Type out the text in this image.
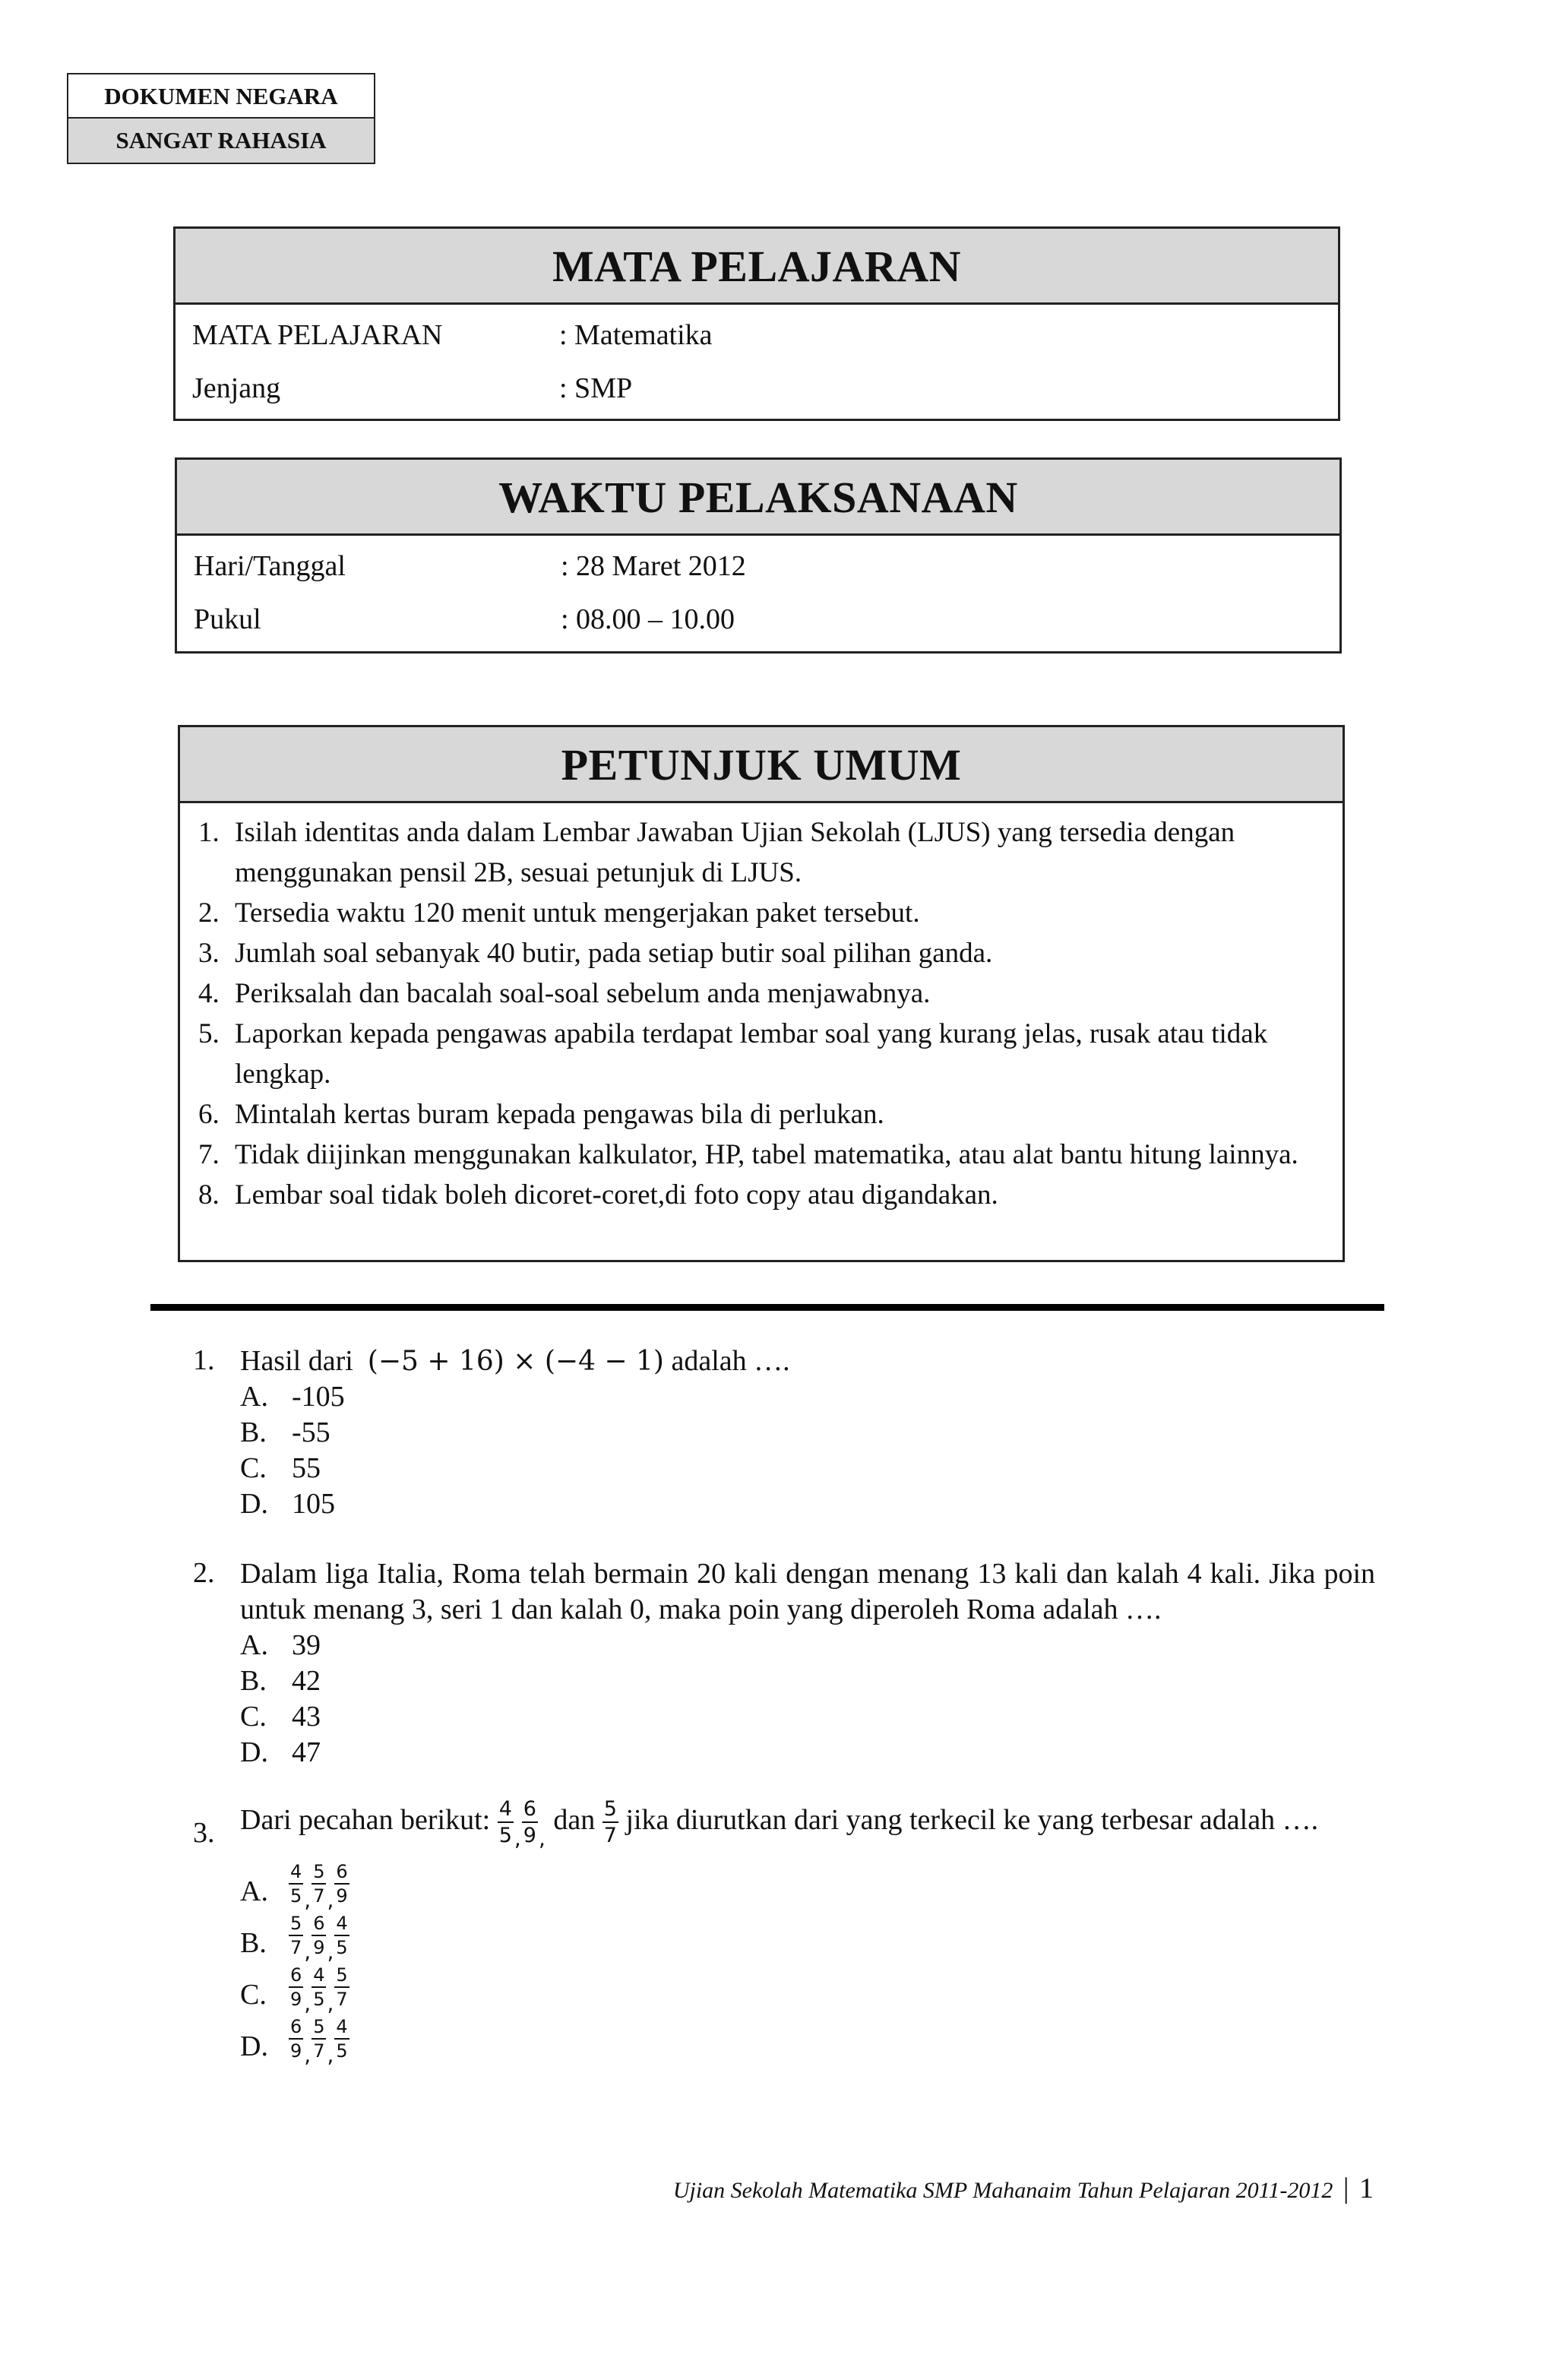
DOKUMEN NEGARA
SANGAT RAHASIA
MATA PELAJARAN
MATA PELAJARAN	: Matematika
Jenjang	: SMP
WAKTU PELAKSANAAN
Hari/Tanggal	: 28 Maret 2012
Pukul	: 08.00 – 10.00
PETUNJUK UMUM
1. Isilah identitas anda dalam Lembar Jawaban Ujian Sekolah (LJUS) yang tersedia dengan menggunakan pensil 2B, sesuai petunjuk di LJUS.
2. Tersedia waktu 120 menit untuk mengerjakan paket tersebut.
3. Jumlah soal sebanyak 40 butir, pada setiap butir soal pilihan ganda.
4. Periksalah dan bacalah soal-soal sebelum anda menjawabnya.
5. Laporkan kepada pengawas apabila terdapat lembar soal yang kurang jelas, rusak atau tidak lengkap.
6. Mintalah kertas buram kepada pengawas bila di perlukan.
7. Tidak diijinkan menggunakan kalkulator, HP, tabel matematika, atau alat bantu hitung lainnya.
8. Lembar soal tidak boleh dicoret-coret,di foto copy atau digandakan.
1. Hasil dari (−5 + 16) × (−4 − 1) adalah ….
A. -105
B. -55
C. 55
D. 105
2. Dalam liga Italia, Roma telah bermain 20 kali dengan menang 13 kali dan kalah 4 kali. Jika poin untuk menang 3, seri 1 dan kalah 0, maka poin yang diperoleh Roma adalah ….
A. 39
B. 42
C. 43
D. 47
3. Dari pecahan berikut: $\frac{4}{5}$ , $\frac{6}{9}$ , dan $\frac{5}{7}$ jika diurutkan dari yang terkecil ke yang terbesar adalah ….
A. $\frac{4}{5}$ , $\frac{5}{7}$ , $\frac{6}{9}$
B. $\frac{5}{7}$ , $\frac{6}{9}$ , $\frac{4}{5}$
C. $\frac{6}{9}$ , $\frac{4}{5}$ , $\frac{5}{7}$
D. $\frac{6}{9}$ , $\frac{5}{7}$ , $\frac{4}{5}$
Ujian Sekolah Matematika SMP Mahanaim Tahun Pelajaran 2011-2012 | 1
